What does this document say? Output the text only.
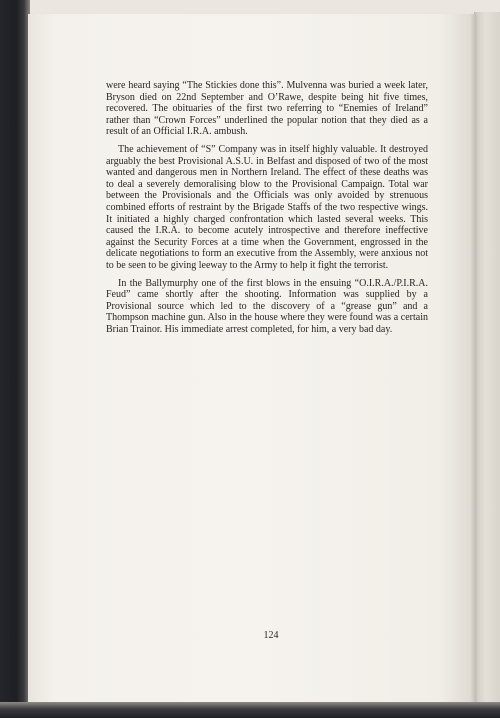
were heard saying “The Stickies done this”. Mulvenna was buried a week later, Bryson died on 22nd September and O’Rawe, despite being hit five times, recovered. The obituaries of the first two referring to “Enemies of Ireland” rather than “Crown Forces” underlined the popular notion that they died as a result of an Official I.R.A. ambush.

The achievement of “S” Company was in itself highly valuable. It destroyed arguably the best Provisional A.S.U. in Belfast and disposed of two of the most wanted and dangerous men in Northern Ireland. The effect of these deaths was to deal a severely demoralising blow to the Provisional Campaign. Total war between the Provisionals and the Officials was only avoided by strenuous combined efforts of restraint by the Brigade Staffs of the two respective wings. It initiated a highly charged confrontation which lasted several weeks. This caused the I.R.A. to become acutely introspective and therefore ineffective against the Security Forces at a time when the Government, engrossed in the delicate negotiations to form an executive from the Assembly, were anxious not to be seen to be giving leeway to the Army to help it fight the terrorist.

In the Ballymurphy one of the first blows in the ensuing “O.I.R.A./P.I.R.A. Feud” came shortly after the shooting. Information was supplied by a Provisional source which led to the discovery of a “grease gun” and a Thompson machine gun. Also in the house where they were found was a certain Brian Trainor. His immediate arrest completed, for him, a very bad day.

124
